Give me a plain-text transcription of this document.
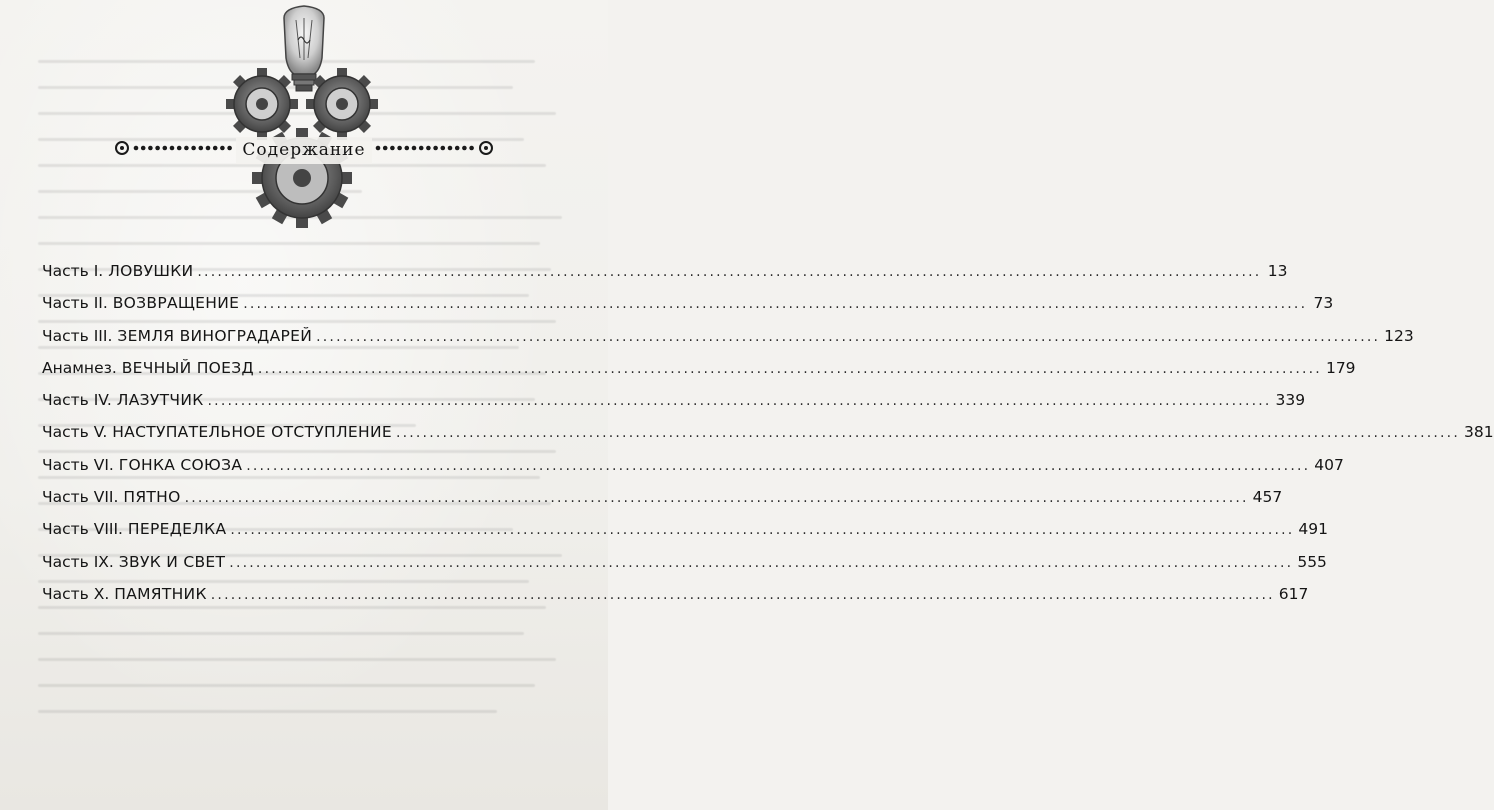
Содержание
Часть I. ЛОВУШКИ ................................................................................................................................................................ 13
Часть II. ВОЗВРАЩЕНИЕ ................................................................................................................................................................ 73
Часть III. ЗЕМЛЯ ВИНОГРАДАРЕЙ ................................................................................................................................................................ 123
Анамнез. ВЕЧНЫЙ ПОЕЗД ................................................................................................................................................................ 179
Часть IV. ЛАЗУТЧИК ................................................................................................................................................................ 339
Часть V. НАСТУПАТЕЛЬНОЕ ОТСТУПЛЕНИЕ ................................................................................................................................................................ 381
Часть VI. ГОНКА СОЮЗА ................................................................................................................................................................ 407
Часть VII. ПЯТНО ................................................................................................................................................................ 457
Часть VIII. ПЕРЕДЕЛКА ................................................................................................................................................................ 491
Часть IX. ЗВУК И СВЕТ ................................................................................................................................................................ 555
Часть X. ПАМЯТНИК ................................................................................................................................................................ 617
